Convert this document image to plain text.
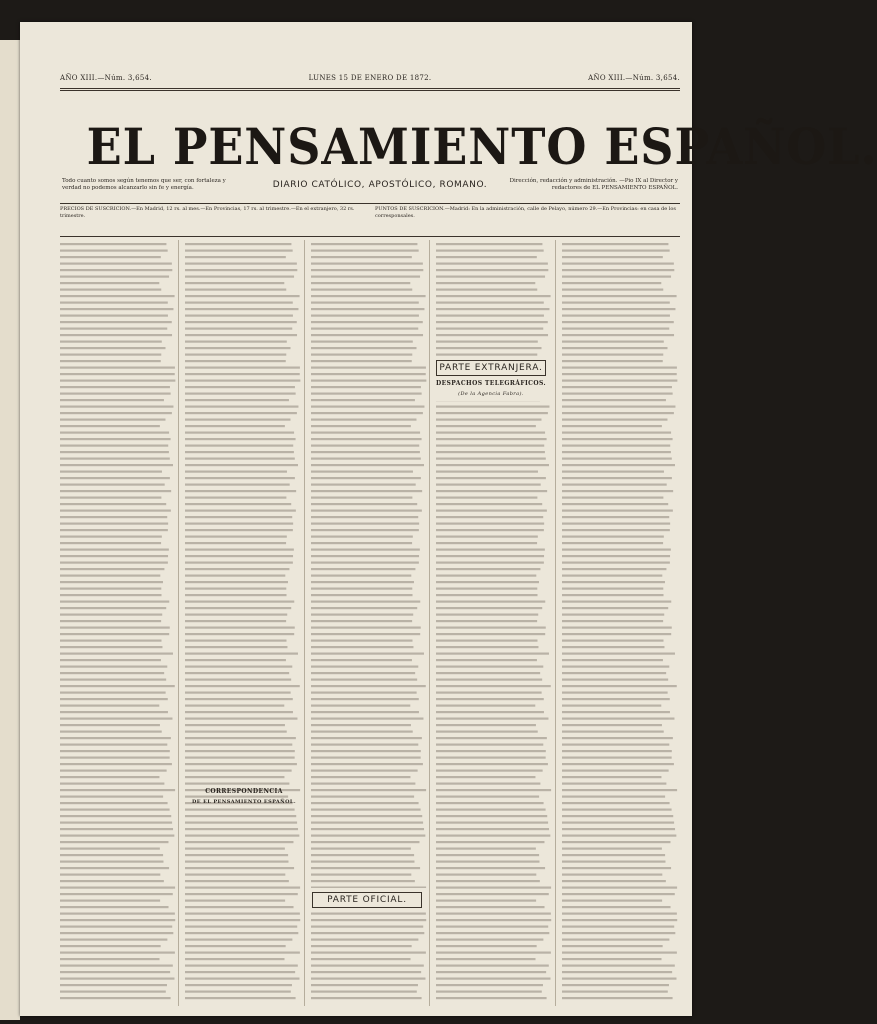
AÑO XIII.—Núm. 3,654.	LUNES 15 DE ENERO DE 1872.	AÑO XIII.—Núm. 3,654.
EL PENSAMIENTO ESPAÑOL.
Todo cuanto somos según tenemos que ser, con fortaleza y verdad no podemos alcanzarlo sin fe y energía.	DIARIO CATÓLICO, APOSTÓLICO, ROMANO.	Dirección, redacción y administración. —Pio IX al Director y redactores de EL PENSAMIENTO ESPAÑOL.
PRECIOS DE SUSCRICION.—En Madrid, 12 rs. al mes.—En Provincias, 17 rs. al trimestre.—En el extranjero, 32 rs. trimestre.
PUNTOS DE SUSCRICION.—Madrid: En la administración, calle de Pelayo, número 29.—En Provincias: en casa de los corresponsales.
CORRESPONDENCIA
DE EL PENSAMIENTO ESPAÑOL.
PARTE OFICIAL.
PARTE EXTRANJERA.
DESPACHOS TELEGRÁFICOS.
(De la Agencia Fabra).
